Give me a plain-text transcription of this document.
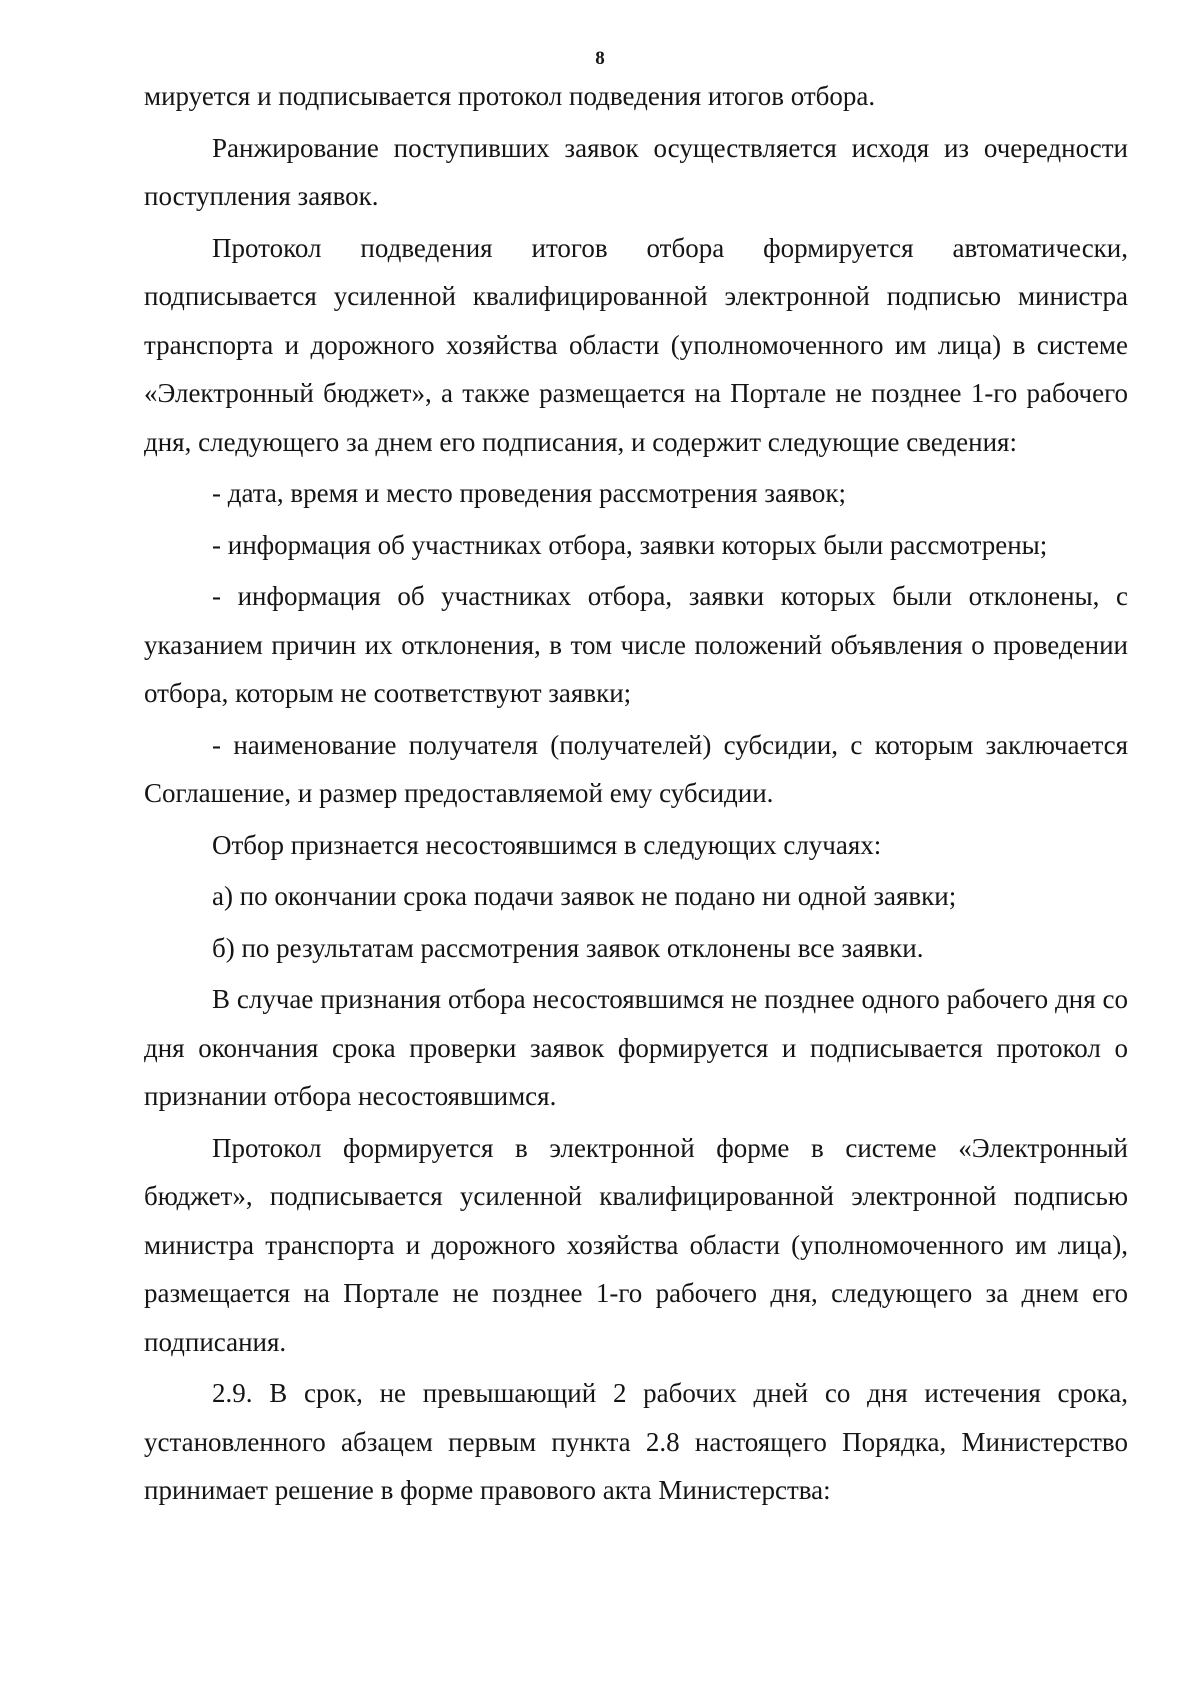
8

мируется и подписывается протокол подведения итогов отбора.

Ранжирование поступивших заявок осуществляется исходя из очередности поступления заявок.

Протокол подведения итогов отбора формируется автоматически, подписывается усиленной квалифицированной электронной подписью министра транспорта и дорожного хозяйства области (уполномоченного им лица) в системе «Электронный бюджет», а также размещается на Портале не позднее 1-го рабочего дня, следующего за днем его подписания, и содержит следующие сведения:

- дата, время и место проведения рассмотрения заявок;

- информация об участниках отбора, заявки которых были рассмотрены;

- информация об участниках отбора, заявки которых были отклонены, с указанием причин их отклонения, в том числе положений объявления о проведении отбора, которым не соответствуют заявки;

- наименование получателя (получателей) субсидии, с которым заключается Соглашение, и размер предоставляемой ему субсидии.

Отбор признается несостоявшимся в следующих случаях:

а) по окончании срока подачи заявок не подано ни одной заявки;

б) по результатам рассмотрения заявок отклонены все заявки.

В случае признания отбора несостоявшимся не позднее одного рабочего дня со дня окончания срока проверки заявок формируется и подписывается протокол о признании отбора несостоявшимся.

Протокол формируется в электронной форме в системе «Электронный бюджет», подписывается усиленной квалифицированной электронной подписью министра транспорта и дорожного хозяйства области (уполномоченного им лица), размещается на Портале не позднее 1-го рабочего дня, следующего за днем его подписания.

2.9. В срок, не превышающий 2 рабочих дней со дня истечения срока, установленного абзацем первым пункта 2.8 настоящего Порядка, Министерство принимает решение в форме правового акта Министерства:
